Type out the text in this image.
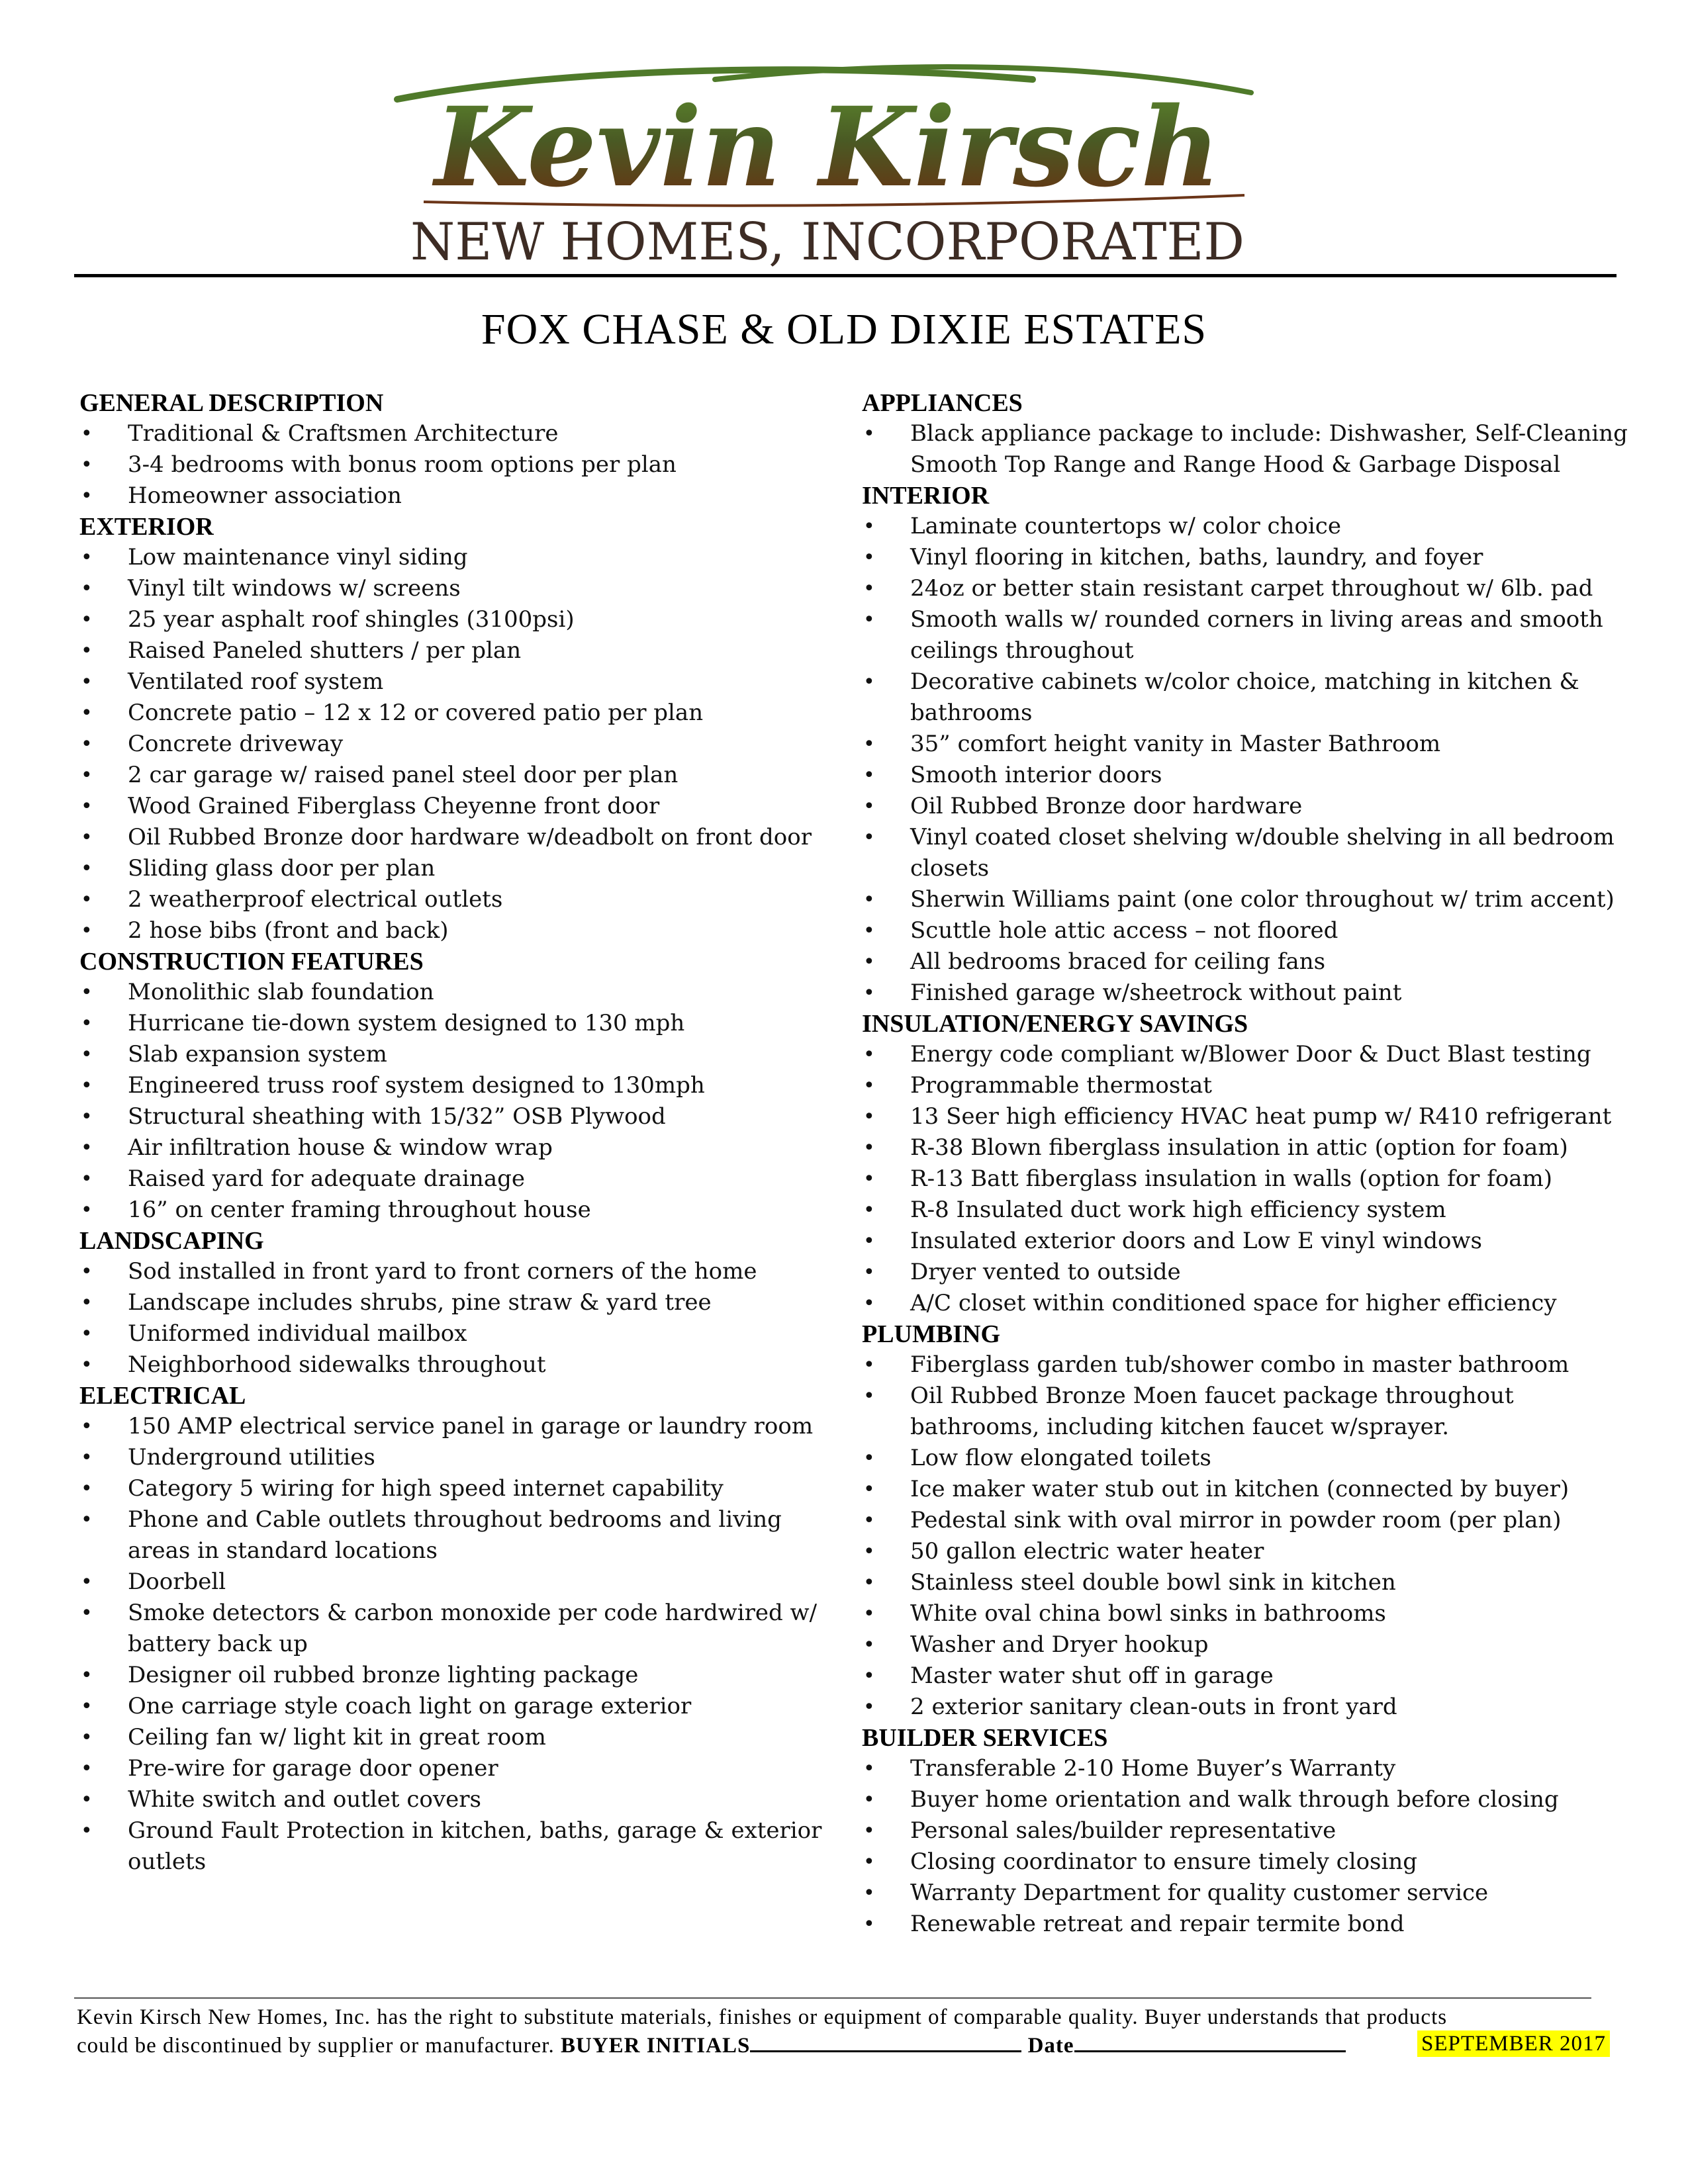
Kevin Kirsch
NEW HOMES, INCORPORATED
FOX CHASE & OLD DIXIE ESTATES
GENERAL DESCRIPTION
• Traditional & Craftsmen Architecture
• 3-4 bedrooms with bonus room options per plan
• Homeowner association
EXTERIOR
• Low maintenance vinyl siding
• Vinyl tilt windows w/ screens
• 25 year asphalt roof shingles (3100psi)
• Raised Paneled shutters / per plan
• Ventilated roof system
• Concrete patio – 12 x 12 or covered patio per plan
• Concrete driveway
• 2 car garage w/ raised panel steel door per plan
• Wood Grained Fiberglass Cheyenne front door
• Oil Rubbed Bronze door hardware w/deadbolt on front door
• Sliding glass door per plan
• 2 weatherproof electrical outlets
• 2 hose bibs (front and back)
CONSTRUCTION FEATURES
• Monolithic slab foundation
• Hurricane tie-down system designed to 130 mph
• Slab expansion system
• Engineered truss roof system designed to 130mph
• Structural sheathing with 15/32” OSB Plywood
• Air infiltration house & window wrap
• Raised yard for adequate drainage
• 16” on center framing throughout house
LANDSCAPING
• Sod installed in front yard to front corners of the home
• Landscape includes shrubs, pine straw & yard tree
• Uniformed individual mailbox
• Neighborhood sidewalks throughout
ELECTRICAL
• 150 AMP electrical service panel in garage or laundry room
• Underground utilities
• Category 5 wiring for high speed internet capability
• Phone and Cable outlets throughout bedrooms and living areas in standard locations
• Doorbell
• Smoke detectors & carbon monoxide per code hardwired w/ battery back up
• Designer oil rubbed bronze lighting package
• One carriage style coach light on garage exterior
• Ceiling fan w/ light kit in great room
• Pre-wire for garage door opener
• White switch and outlet covers
• Ground Fault Protection in kitchen, baths, garage & exterior outlets
APPLIANCES
• Black appliance package to include: Dishwasher, Self-Cleaning Smooth Top Range and Range Hood & Garbage Disposal
INTERIOR
• Laminate countertops w/ color choice
• Vinyl flooring in kitchen, baths, laundry, and foyer
• 24oz or better stain resistant carpet throughout w/ 6lb. pad
• Smooth walls w/ rounded corners in living areas and smooth ceilings throughout
• Decorative cabinets w/color choice, matching in kitchen & bathrooms
• 35” comfort height vanity in Master Bathroom
• Smooth interior doors
• Oil Rubbed Bronze door hardware
• Vinyl coated closet shelving w/double shelving in all bedroom closets
• Sherwin Williams paint (one color throughout w/ trim accent)
• Scuttle hole attic access – not floored
• All bedrooms braced for ceiling fans
• Finished garage w/sheetrock without paint
INSULATION/ENERGY SAVINGS
• Energy code compliant w/Blower Door & Duct Blast testing
• Programmable thermostat
• 13 Seer high efficiency HVAC heat pump w/ R410 refrigerant
• R-38 Blown fiberglass insulation in attic (option for foam)
• R-13 Batt fiberglass insulation in walls (option for foam)
• R-8 Insulated duct work high efficiency system
• Insulated exterior doors and Low E vinyl windows
• Dryer vented to outside
• A/C closet within conditioned space for higher efficiency
PLUMBING
• Fiberglass garden tub/shower combo in master bathroom
• Oil Rubbed Bronze Moen faucet package throughout bathrooms, including kitchen faucet w/sprayer.
• Low flow elongated toilets
• Ice maker water stub out in kitchen (connected by buyer)
• Pedestal sink with oval mirror in powder room (per plan)
• 50 gallon electric water heater
• Stainless steel double bowl sink in kitchen
• White oval china bowl sinks in bathrooms
• Washer and Dryer hookup
• Master water shut off in garage
• 2 exterior sanitary clean-outs in front yard
BUILDER SERVICES
• Transferable 2-10 Home Buyer’s Warranty
• Buyer home orientation and walk through before closing
• Personal sales/builder representative
• Closing coordinator to ensure timely closing
• Warranty Department for quality customer service
• Renewable retreat and repair termite bond
Kevin Kirsch New Homes, Inc. has the right to substitute materials, finishes or equipment of comparable quality. Buyer understands that products
could be discontinued by supplier or manufacturer. BUYER INITIALS	Date	SEPTEMBER 2017
